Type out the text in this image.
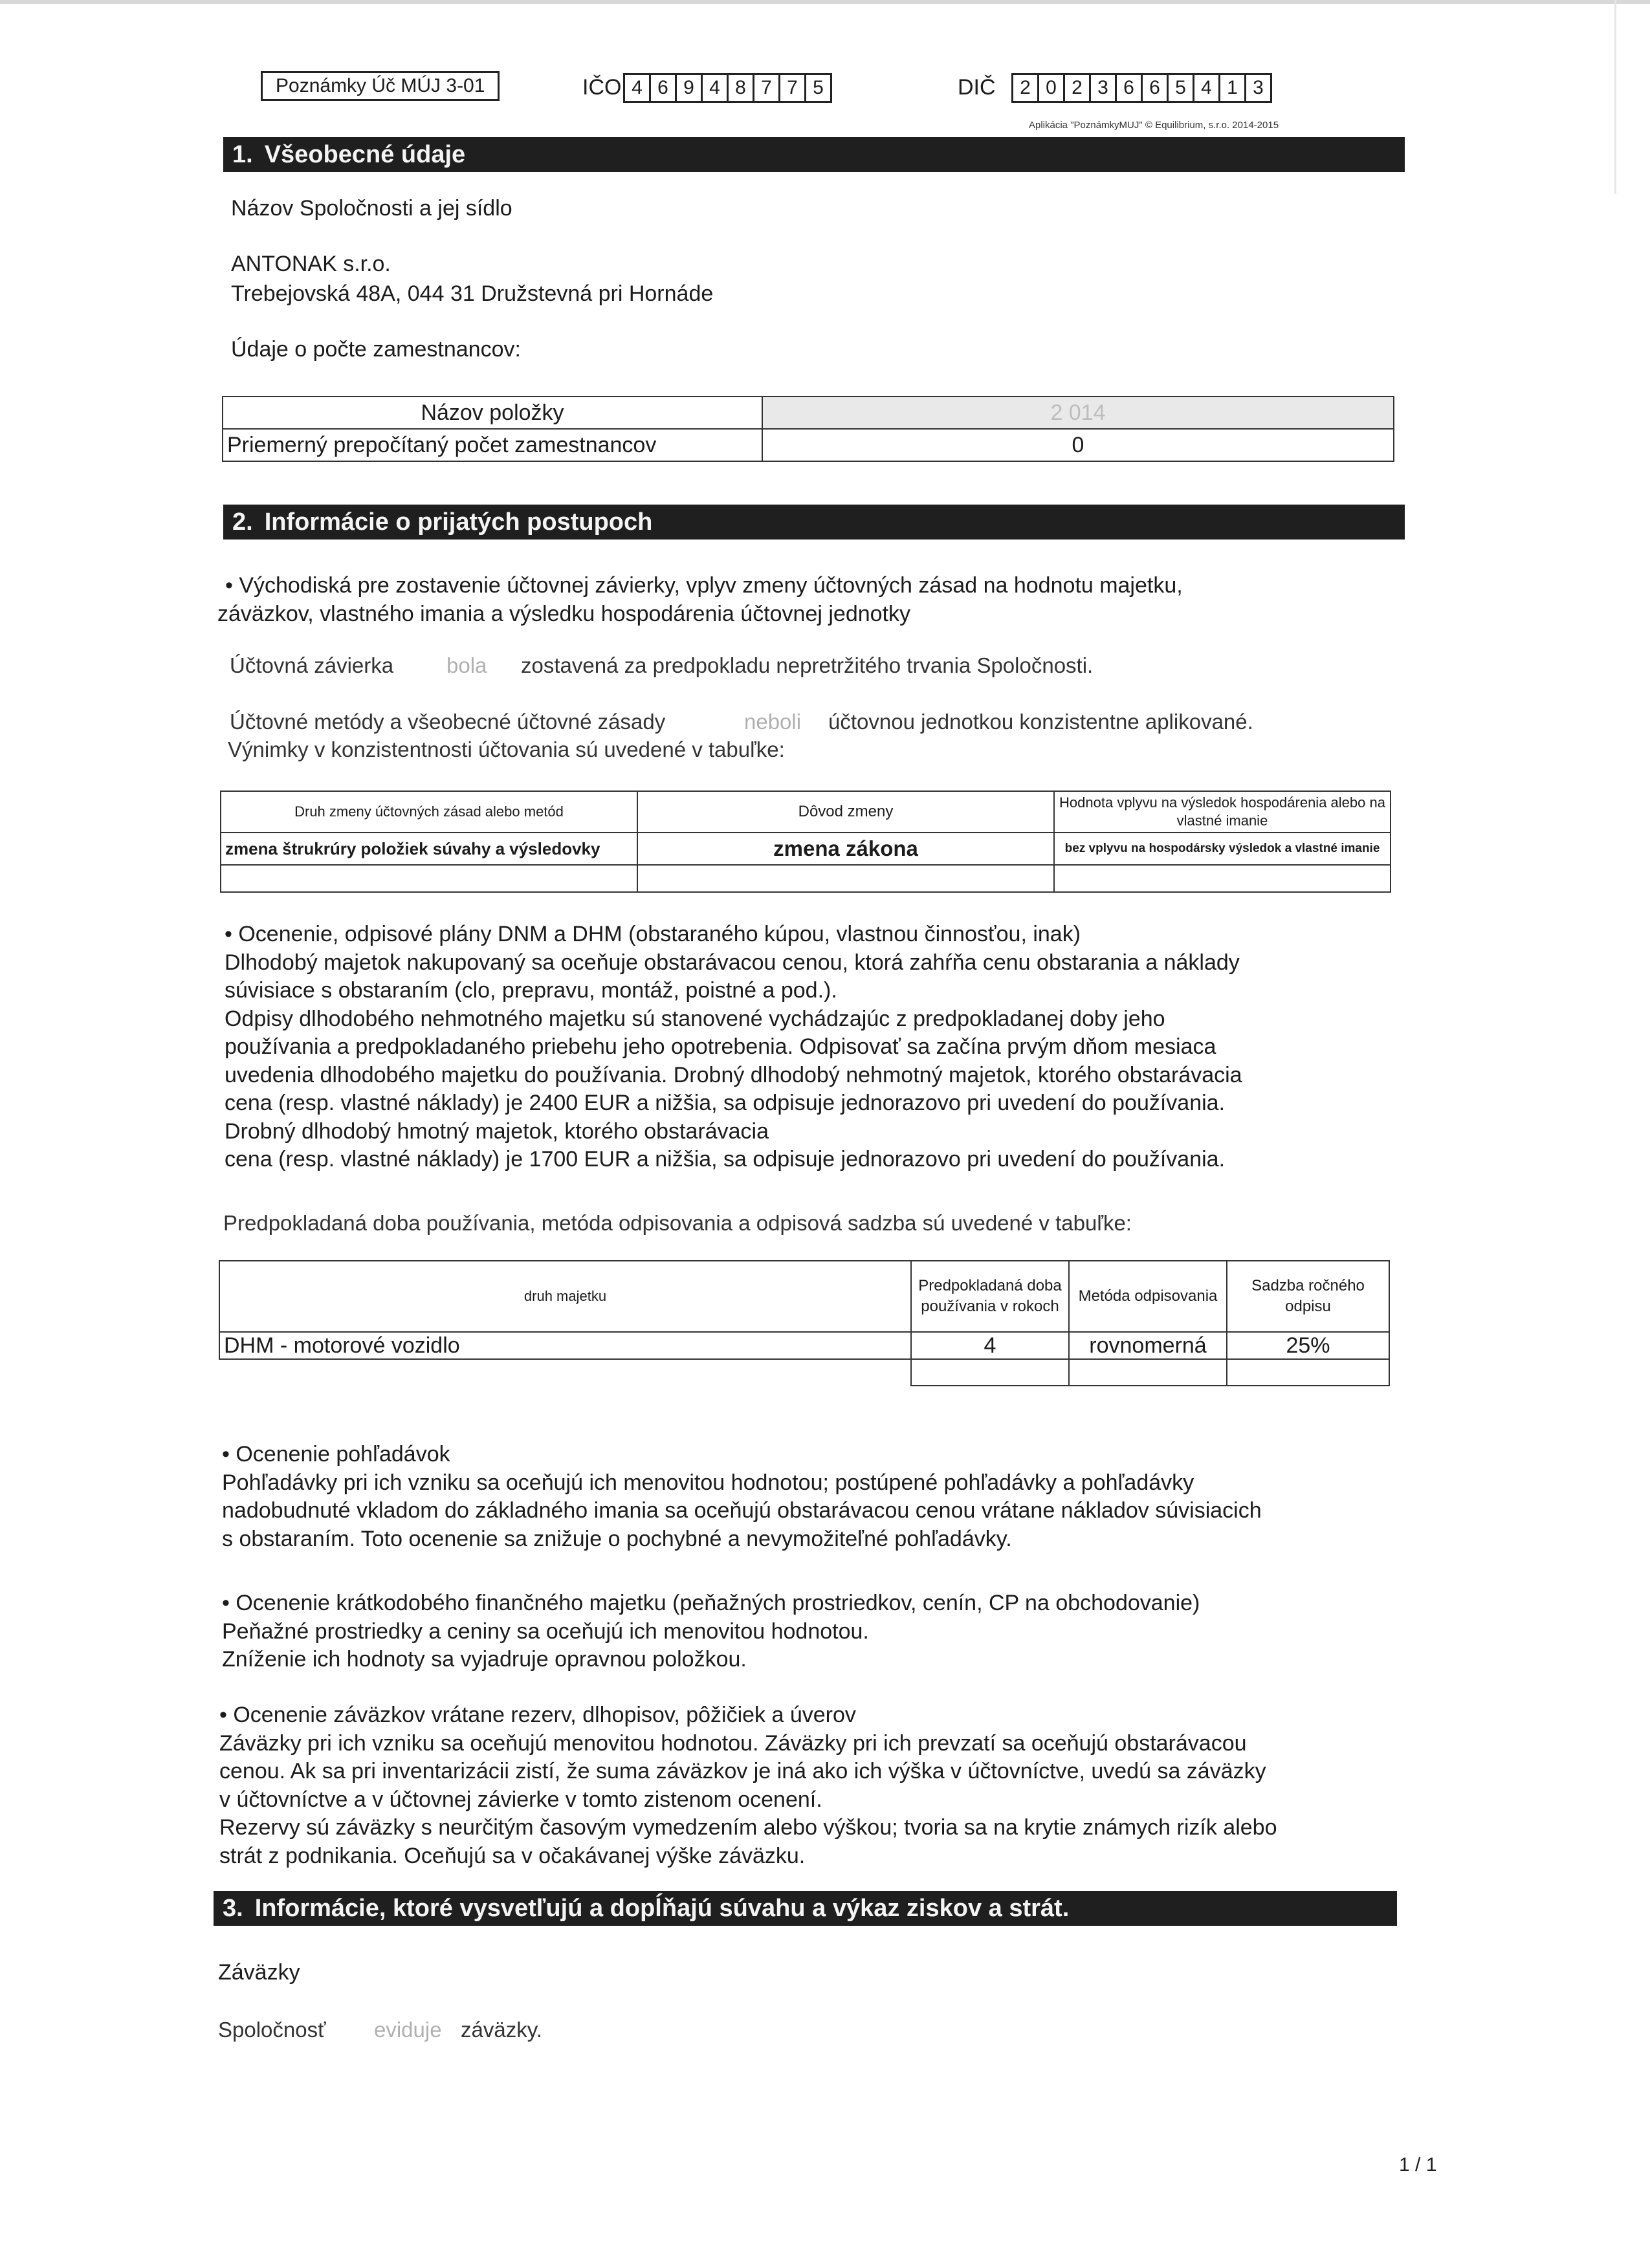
Poznámky Úč MÚJ 3-01	IČO 4 6 9 4 8 7 7 5	DIČ	2 0 2 3 6 6 5 4 1 3
Aplikácia "PoznámkyMUJ" © Equilibrium, s.r.o. 2014-2015
1. Všeobecné údaje
Názov Spoločnosti a jej sídlo
ANTONAK s.r.o.
Trebejovská 48A, 044 31 Družstevná pri Hornáde
Údaje o počte zamestnancov:
Názov položky	2 014
Priemerný prepočítaný počet zamestnancov	0
2. Informácie o prijatých postupoch
• Východiská pre zostavenie účtovnej závierky, vplyv zmeny účtovných zásad na hodnotu majetku,
záväzkov, vlastného imania a výsledku hospodárenia účtovnej jednotky
Účtovná závierka bola zostavená za predpokladu nepretržitého trvania Spoločnosti.
Účtovné metódy a všeobecné účtovné zásady	neboli účtovnou jednotkou konzistentne aplikované.
Výnimky v konzistentnosti účtovania sú uvedené v tabuľke:
Druh zmeny účtovných zásad alebo metód	Dôvod zmeny	Hodnota vplyvu na výsledok hospodárenia alebo na vlastné imanie
zmena štrukrúry položiek súvahy a výsledovky	zmena zákona	bez vplyvu na hospodársky výsledok a vlastné imanie

• Ocenenie, odpisové plány DNM a DHM (obstaraného kúpou, vlastnou činnosťou, inak)
Dlhodobý majetok nakupovaný sa oceňuje obstarávacou cenou, ktorá zahŕňa cenu obstarania a náklady
súvisiace s obstaraním (clo, prepravu, montáž, poistné a pod.).
Odpisy dlhodobého nehmotného majetku sú stanovené vychádzajúc z predpokladanej doby jeho
používania a predpokladaného priebehu jeho opotrebenia. Odpisovať sa začína prvým dňom mesiaca
uvedenia dlhodobého majetku do používania. Drobný dlhodobý nehmotný majetok, ktorého obstarávacia
cena (resp. vlastné náklady) je 2400 EUR a nižšia, sa odpisuje jednorazovo pri uvedení do používania.
Drobný dlhodobý hmotný majetok, ktorého obstarávacia
cena (resp. vlastné náklady) je 1700 EUR a nižšia, sa odpisuje jednorazovo pri uvedení do používania.
Predpokladaná doba používania, metóda odpisovania a odpisová sadzba sú uvedené v tabuľke:
druh majetku	Predpokladaná doba používania v rokoch	Metóda odpisovania	Sadzba ročného odpisu
DHM - motorové vozidlo	4	rovnomerná	25%

• Ocenenie pohľadávok
Pohľadávky pri ich vzniku sa oceňujú ich menovitou hodnotou; postúpené pohľadávky a pohľadávky
nadobudnuté vkladom do základného imania sa oceňujú obstarávacou cenou vrátane nákladov súvisiacich
s obstaraním. Toto ocenenie sa znižuje o pochybné a nevymožiteľné pohľadávky.
• Ocenenie krátkodobého finančného majetku (peňažných prostriedkov, cenín, CP na obchodovanie)
Peňažné prostriedky a ceniny sa oceňujú ich menovitou hodnotou.
Zníženie ich hodnoty sa vyjadruje opravnou položkou.
• Ocenenie záväzkov vrátane rezerv, dlhopisov, pôžičiek a úverov
Záväzky pri ich vzniku sa oceňujú menovitou hodnotou. Záväzky pri ich prevzatí sa oceňujú obstarávacou
cenou. Ak sa pri inventarizácii zistí, že suma záväzkov je iná ako ich výška v účtovníctve, uvedú sa záväzky
v účtovníctve a v účtovnej závierke v tomto zistenom ocenení.
Rezervy sú záväzky s neurčitým časovým vymedzením alebo výškou; tvoria sa na krytie známych rizík alebo
strát z podnikania. Oceňujú sa v očakávanej výške záväzku.
3. Informácie, ktoré vysvetľujú a dopĺňajú súvahu a výkaz ziskov a strát.
Záväzky
Spoločnosť eviduje záväzky.
1 / 1
